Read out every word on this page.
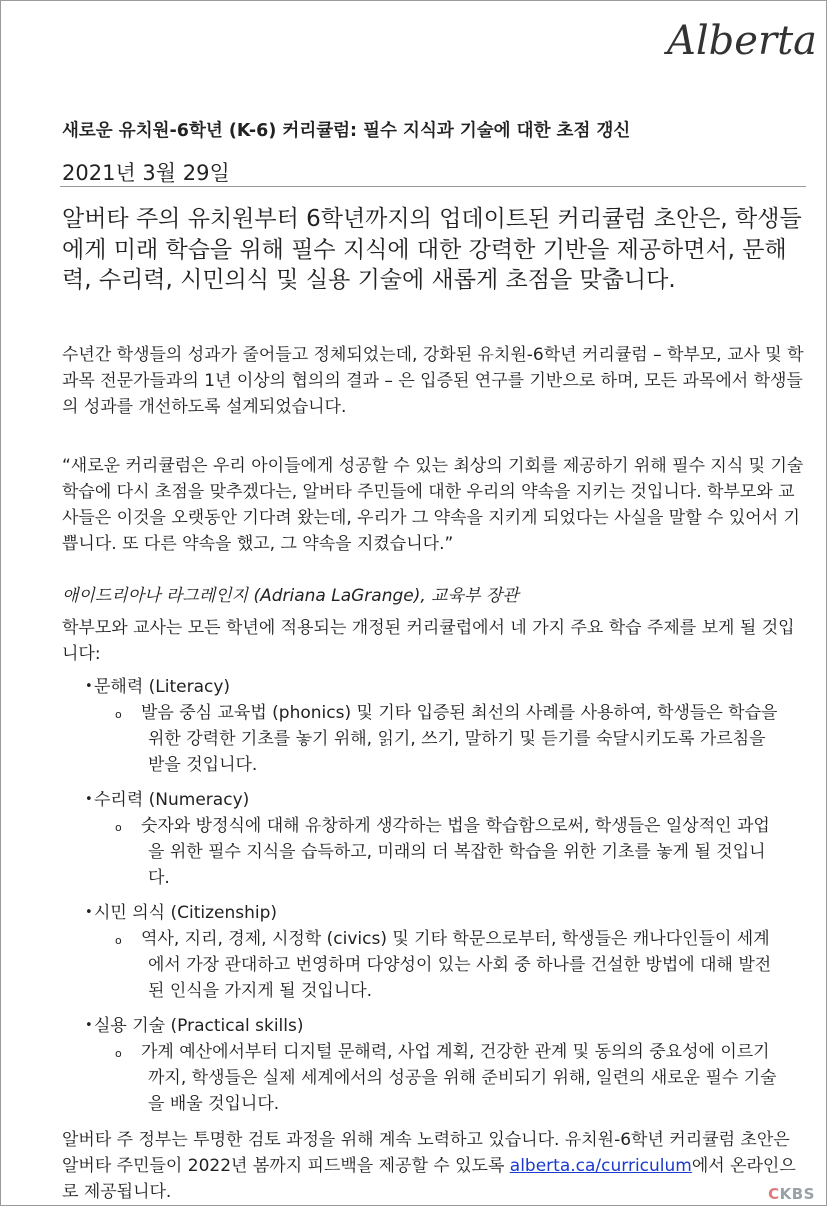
Alberta
새로운 유치원-6학년 (K-6) 커리큘럼: 필수 지식과 기술에 대한 초점 갱신
2021년 3월 29일
알버타 주의 유치원부터 6학년까지의 업데이트된 커리큘럼 초안은, 학생들에게 미래 학습을 위해 필수 지식에 대한 강력한 기반을 제공하면서, 문해력, 수리력, 시민의식 및 실용 기술에 새롭게 초점을 맞춥니다.
수년간 학생들의 성과가 줄어들고 정체되었는데, 강화된 유치원-6학년 커리큘럼 – 학부모, 교사 및 학과목 전문가들과의 1년 이상의 협의의 결과 – 은 입증된 연구를 기반으로 하며, 모든 과목에서 학생들의 성과를 개선하도록 설계되었습니다.
“새로운 커리큘럼은 우리 아이들에게 성공할 수 있는 최상의 기회를 제공하기 위해 필수 지식 및 기술 학습에 다시 초점을 맞추겠다는, 알버타 주민들에 대한 우리의 약속을 지키는 것입니다. 학부모와 교사들은 이것을 오랫동안 기다려 왔는데, 우리가 그 약속을 지키게 되었다는 사실을 말할 수 있어서 기쁩니다. 또 다른 약속을 했고, 그 약속을 지켰습니다.”
애이드리아나 라그레인지 (Adriana LaGrange), 교육부 장관
학부모와 교사는 모든 학년에 적용되는 개정된 커리큘럽에서 네 가지 주요 학습 주제를 보게 될 것입니다:
• 문해력 (Literacy)
o 발음 중심 교육법 (phonics) 및 기타 입증된 최선의 사례를 사용하여, 학생들은 학습을 위한 강력한 기초를 놓기 위해, 읽기, 쓰기, 말하기 및 듣기를 숙달시키도록 가르침을 받을 것입니다.
• 수리력 (Numeracy)
o 숫자와 방정식에 대해 유창하게 생각하는 법을 학습함으로써, 학생들은 일상적인 과업을 위한 필수 지식을 습득하고, 미래의 더 복잡한 학습을 위한 기초를 놓게 될 것입니다.
• 시민 의식 (Citizenship)
o 역사, 지리, 경제, 시정학 (civics) 및 기타 학문으로부터, 학생들은 캐나다인들이 세계에서 가장 관대하고 번영하며 다양성이 있는 사회 중 하나를 건설한 방법에 대해 발전된 인식을 가지게 될 것입니다.
• 실용 기술 (Practical skills)
o 가계 예산에서부터 디지털 문해력, 사업 계획, 건강한 관계 및 동의의 중요성에 이르기까지, 학생들은 실제 세계에서의 성공을 위해 준비되기 위해, 일련의 새로운 필수 기술을 배울 것입니다.
알버타 주 정부는 투명한 검토 과정을 위해 계속 노력하고 있습니다. 유치원-6학년 커리큘럼 초안은 알버타 주민들이 2022년 봄까지 피드백을 제공할 수 있도록 alberta.ca/curriculum에서 온라인으로 제공됩니다.	CKBS
